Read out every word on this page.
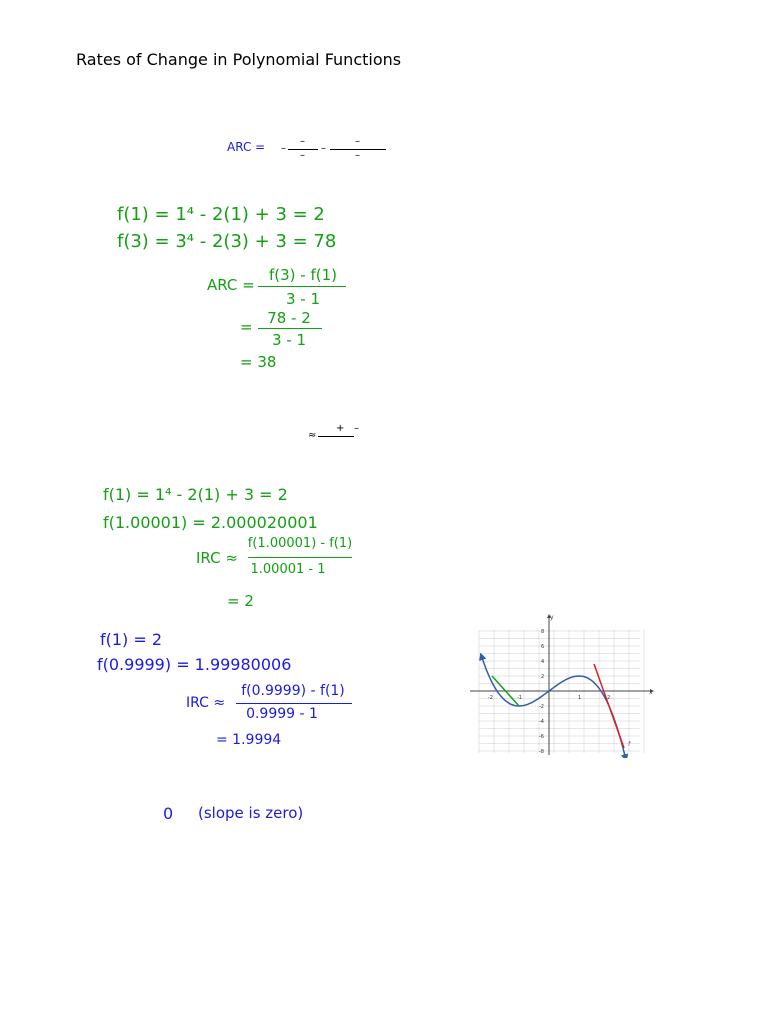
Rates of Change in Polynomial Functions
ARC = –
–
–
–
–
–
f(1) = 1⁴ - 2(1) + 3 = 2
f(3) = 3⁴ - 2(3) + 3 = 78
ARC =
f(3) - f(1)
3 - 1
= 78 - 2
3 - 1
= 38
≈
+ –
f(1) = 1⁴ - 2(1) + 3 = 2
f(1.00001) = 2.000020001
IRC ≈
f(1.00001) - f(1)
1.00001 - 1
= 2
f(1) = 2
f(0.9999) = 1.99980006
IRC ≈
f(0.9999) - f(1)
0.9999 - 1
= 1.9994
0 (slope is zero)
x
y
-2	-1	1	2
8
6
4
2
-2
-4
-6
-8
f
